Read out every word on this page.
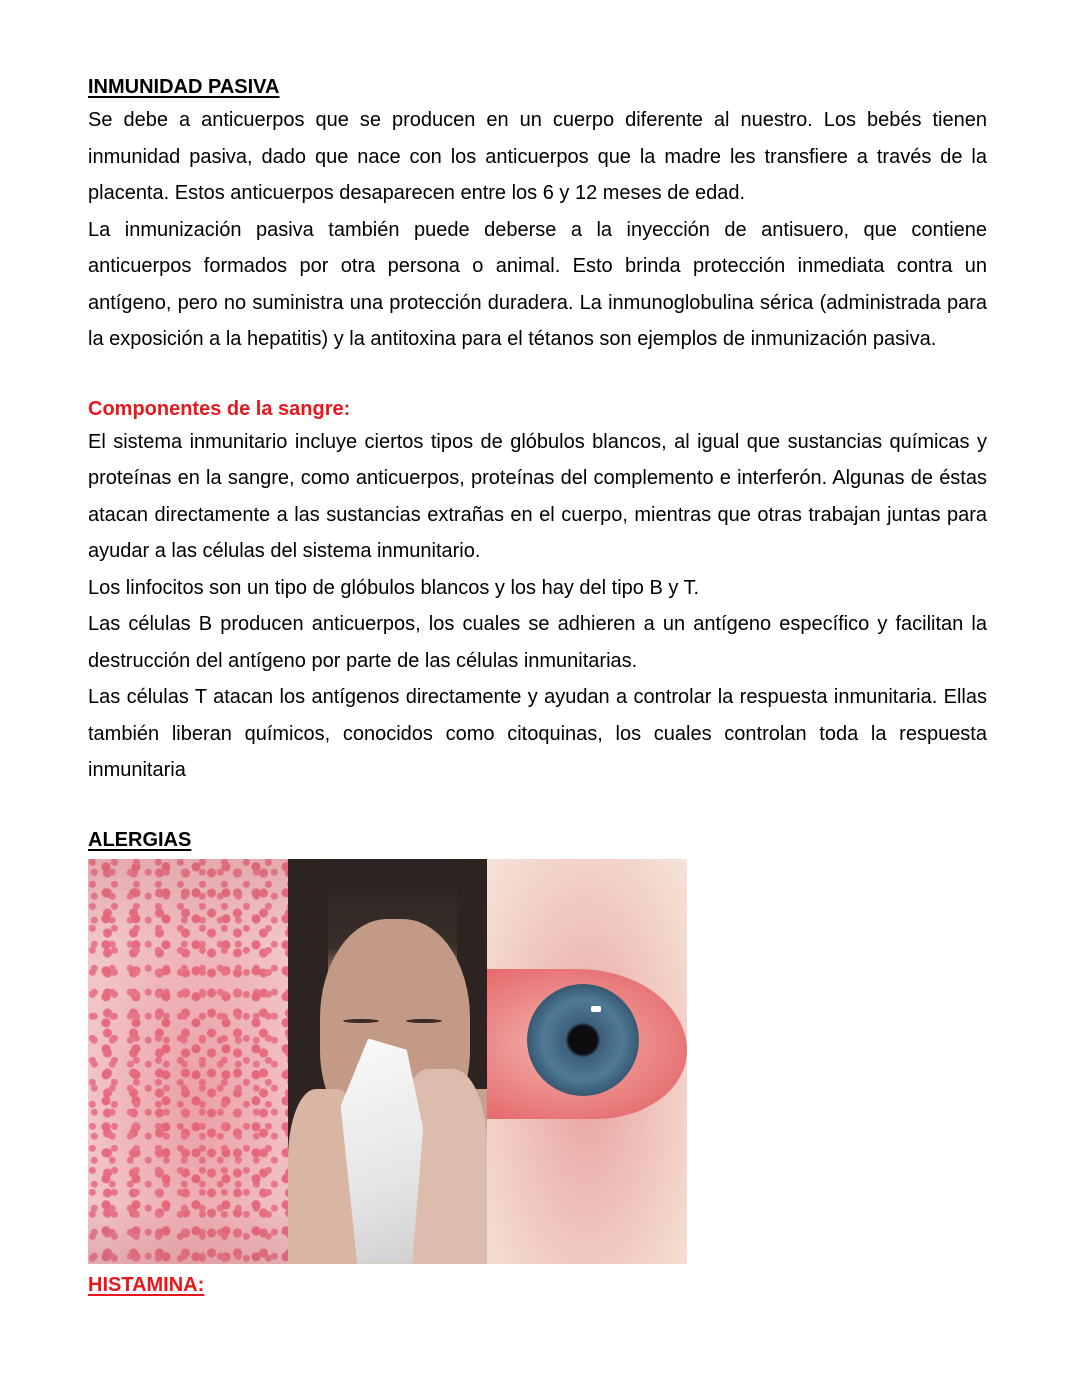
INMUNIDAD PASIVA

Se debe a anticuerpos que se producen en un cuerpo diferente al nuestro. Los bebés tienen inmunidad pasiva, dado que nace con los anticuerpos que la madre les transfiere a través de la placenta. Estos anticuerpos desaparecen entre los 6 y 12 meses de edad.

La inmunización pasiva también puede deberse a la inyección de antisuero, que contiene anticuerpos formados por otra persona o animal. Esto brinda protección inmediata contra un antígeno, pero no suministra una protección duradera. La inmunoglobulina sérica (administrada para la exposición a la hepatitis) y la antitoxina para el tétanos son ejemplos de inmunización pasiva.

Componentes de la sangre:

El sistema inmunitario incluye ciertos tipos de glóbulos blancos, al igual que sustancias químicas y proteínas en la sangre, como anticuerpos, proteínas del complemento e interferón. Algunas de éstas atacan directamente a las sustancias extrañas en el cuerpo, mientras que otras trabajan juntas para ayudar a las células del sistema inmunitario.

Los linfocitos son un tipo de glóbulos blancos y los hay del tipo B y T.

Las células B producen anticuerpos, los cuales se adhieren a un antígeno específico y facilitan la destrucción del antígeno por parte de las células inmunitarias.

Las células T atacan los antígenos directamente y ayudan a controlar la respuesta inmunitaria. Ellas también liberan químicos, conocidos como citoquinas, los cuales controlan toda la respuesta inmunitaria

ALERGIAS
HISTAMINA:
